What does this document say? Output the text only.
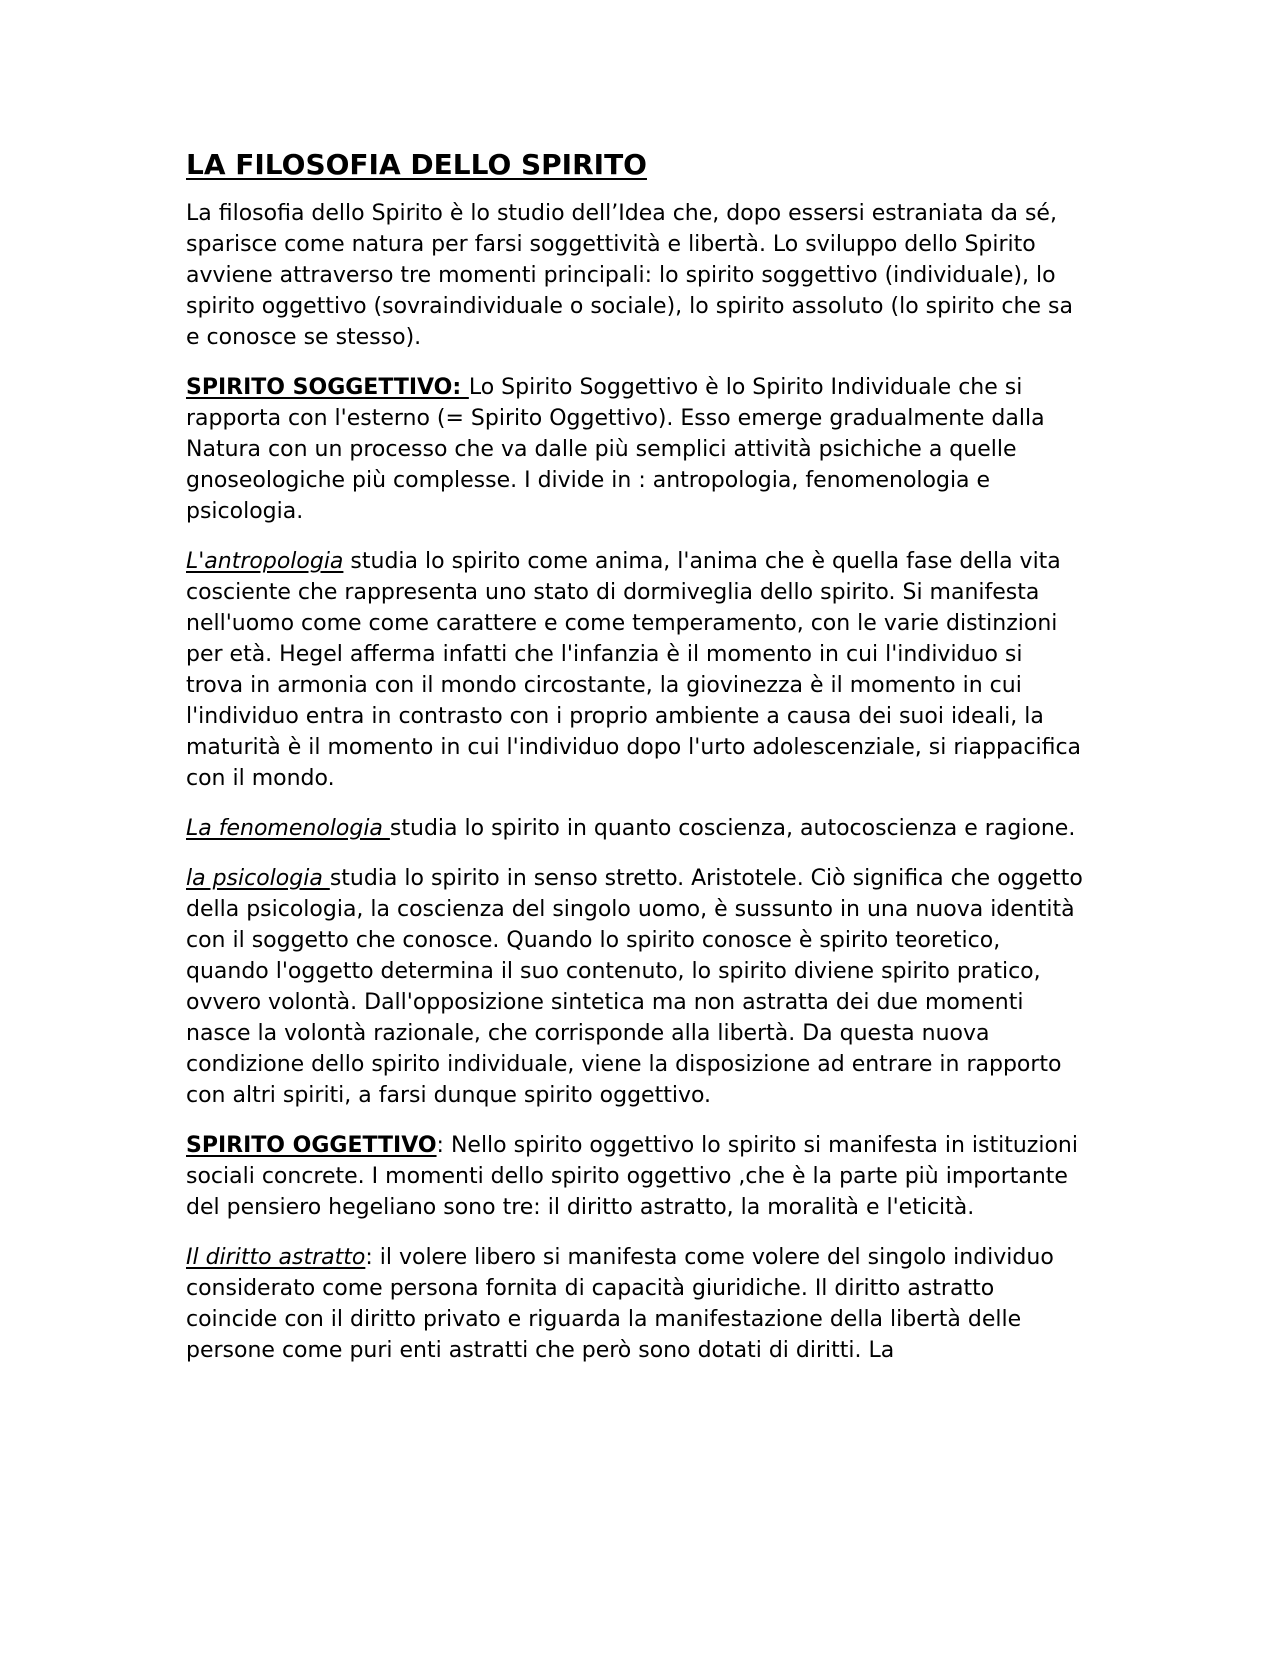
LA FILOSOFIA DELLO SPIRITO

La filosofia dello Spirito è lo studio dell’Idea che, dopo essersi estraniata da sé, sparisce come natura per farsi soggettività e libertà. Lo sviluppo dello Spirito avviene attraverso tre momenti principali: lo spirito soggettivo (individuale), lo spirito oggettivo (sovraindividuale o sociale), lo spirito assoluto (lo spirito che sa e conosce se stesso).

SPIRITO SOGGETTIVO: Lo Spirito Soggettivo è lo Spirito Individuale che si rapporta con l'esterno (= Spirito Oggettivo). Esso emerge gradualmente dalla Natura con un processo che va dalle più semplici attività psichiche a quelle gnoseologiche più complesse. I divide in : antropologia, fenomenologia e psicologia.

L'antropologia studia lo spirito come anima, l'anima che è quella fase della vita cosciente che rappresenta uno stato di dormiveglia dello spirito. Si manifesta nell'uomo come come carattere e come temperamento, con le varie distinzioni per età. Hegel afferma infatti che l'infanzia è il momento in cui l'individuo si trova in armonia con il mondo circostante, la giovinezza è il momento in cui l'individuo entra in contrasto con i proprio ambiente a causa dei suoi ideali, la maturità è il momento in cui l'individuo dopo l'urto adolescenziale, si riappacifica con il mondo.

La fenomenologia studia lo spirito in quanto coscienza, autocoscienza e ragione.

la psicologia studia lo spirito in senso stretto. Aristotele. Ciò significa che oggetto della psicologia, la coscienza del singolo uomo, è sussunto in una nuova identità con il soggetto che conosce. Quando lo spirito conosce è spirito teoretico, quando l'oggetto determina il suo contenuto, lo spirito diviene spirito pratico, ovvero volontà. Dall'opposizione sintetica ma non astratta dei due momenti nasce la volontà razionale, che corrisponde alla libertà. Da questa nuova condizione dello spirito individuale, viene la disposizione ad entrare in rapporto con altri spiriti, a farsi dunque spirito oggettivo.

SPIRITO OGGETTIVO: Nello spirito oggettivo lo spirito si manifesta in istituzioni sociali concrete. I momenti dello spirito oggettivo ,che è la parte più importante del pensiero hegeliano sono tre: il diritto astratto, la moralità e l'eticità.

Il diritto astratto: il volere libero si manifesta come volere del singolo individuo considerato come persona fornita di capacità giuridiche. Il diritto astratto coincide con il diritto privato e riguarda la manifestazione della libertà delle persone come puri enti astratti che però sono dotati di diritti. La
